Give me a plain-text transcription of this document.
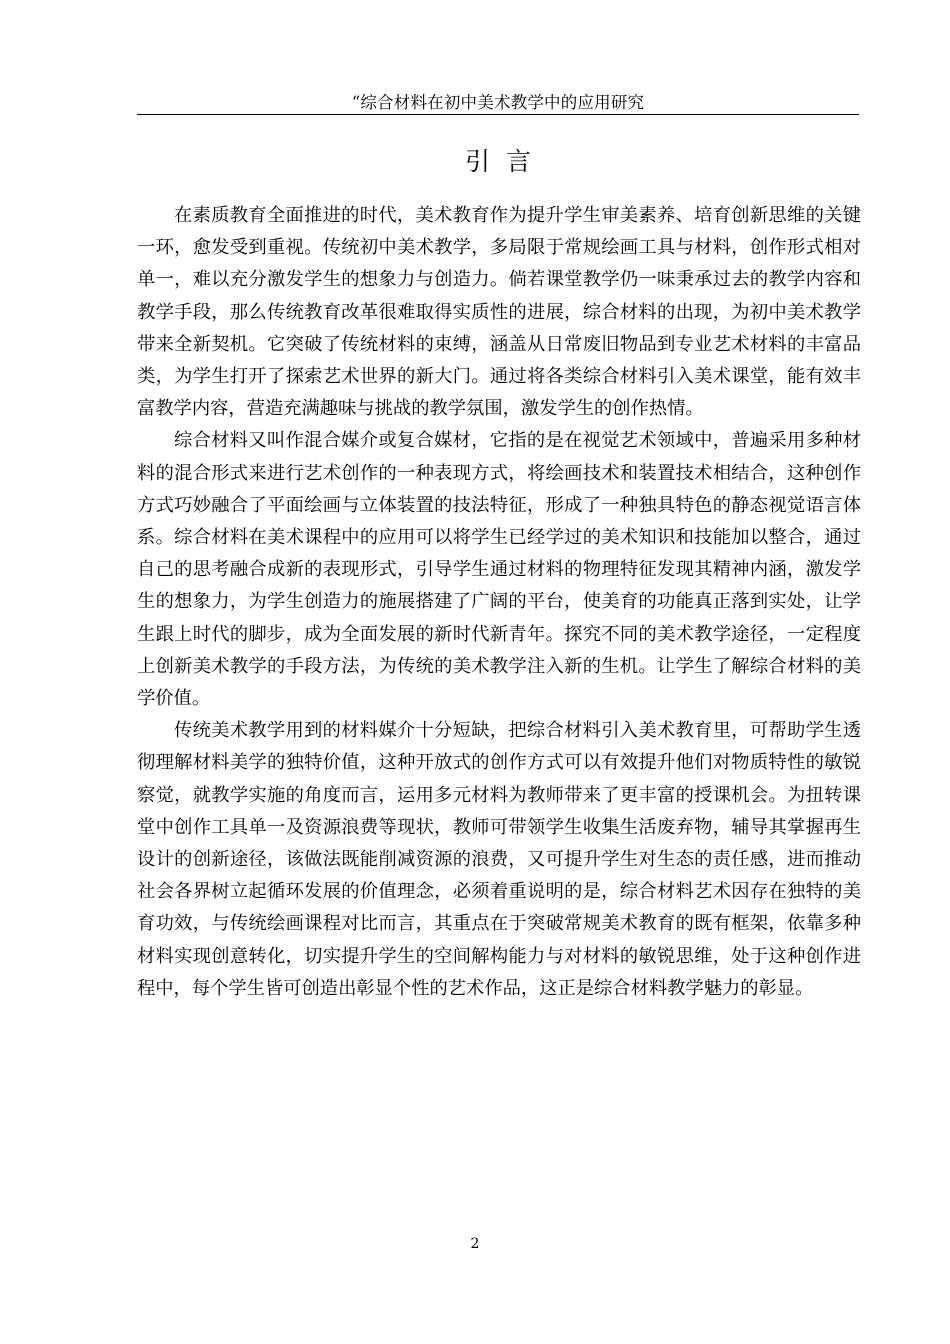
“综合材料在初中美术教学中的应用研究
引言

在素质教育全面推进的时代，美术教育作为提升学生审美素养、培育创新思维的关键一环，愈发受到重视。传统初中美术教学，多局限于常规绘画工具与材料，创作形式相对单一，难以充分激发学生的想象力与创造力。倘若课堂教学仍一味秉承过去的教学内容和教学手段，那么传统教育改革很难取得实质性的进展，综合材料的出现，为初中美术教学带来全新契机。它突破了传统材料的束缚，涵盖从日常废旧物品到专业艺术材料的丰富品类，为学生打开了探索艺术世界的新大门。通过将各类综合材料引入美术课堂，能有效丰富教学内容，营造充满趣味与挑战的教学氛围，激发学生的创作热情。

综合材料又叫作混合媒介或复合媒材，它指的是在视觉艺术领域中，普遍采用多种材料的混合形式来进行艺术创作的一种表现方式，将绘画技术和装置技术相结合，这种创作方式巧妙融合了平面绘画与立体装置的技法特征，形成了一种独具特色的静态视觉语言体系。综合材料在美术课程中的应用可以将学生已经学过的美术知识和技能加以整合，通过自己的思考融合成新的表现形式，引导学生通过材料的物理特征发现其精神内涵，激发学生的想象力，为学生创造力的施展搭建了广阔的平台，使美育的功能真正落到实处，让学生跟上时代的脚步，成为全面发展的新时代新青年。探究不同的美术教学途径，一定程度上创新美术教学的手段方法，为传统的美术教学注入新的生机。让学生了解综合材料的美学价值。

传统美术教学用到的材料媒介十分短缺，把综合材料引入美术教育里，可帮助学生透彻理解材料美学的独特价值，这种开放式的创作方式可以有效提升他们对物质特性的敏锐察觉，就教学实施的角度而言，运用多元材料为教师带来了更丰富的授课机会。为扭转课堂中创作工具单一及资源浪费等现状，教师可带领学生收集生活废弃物，辅导其掌握再生设计的创新途径，该做法既能削减资源的浪费，又可提升学生对生态的责任感，进而推动社会各界树立起循环发展的价值理念，必须着重说明的是，综合材料艺术因存在独特的美育功效，与传统绘画课程对比而言，其重点在于突破常规美术教育的既有框架，依靠多种材料实现创意转化，切实提升学生的空间解构能力与对材料的敏锐思维，处于这种创作进程中，每个学生皆可创造出彰显个性的艺术作品，这正是综合材料教学魅力的彰显。

2
